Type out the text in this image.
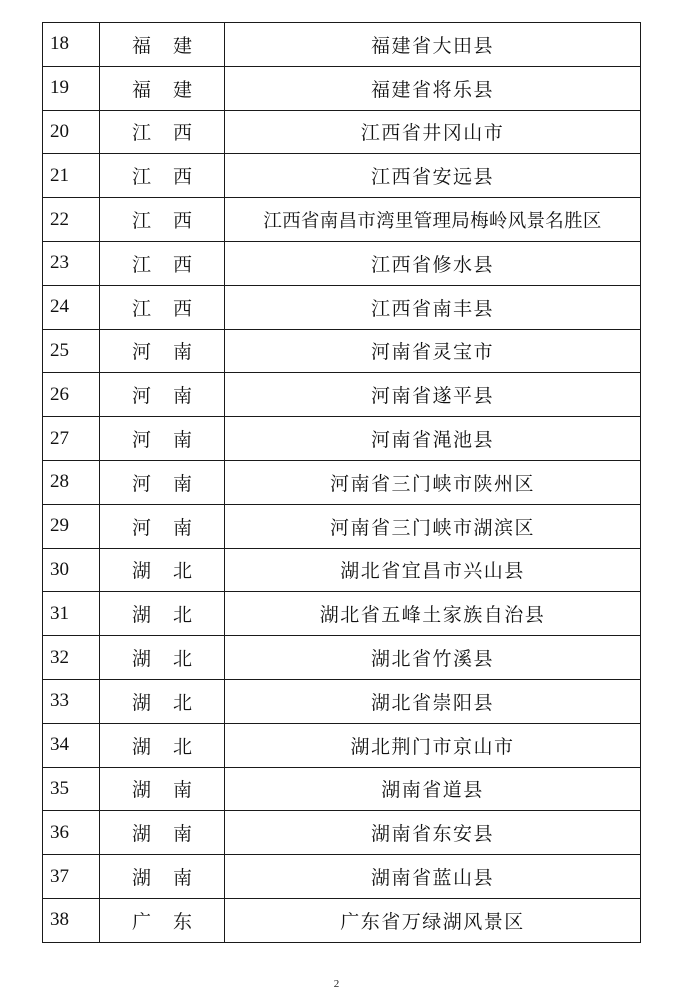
18	福建	福建省大田县
19	福建	福建省将乐县
20	江西	江西省井冈山市
21	江西	江西省安远县
22	江西	江西省南昌市湾里管理局梅岭风景名胜区
23	江西	江西省修水县
24	江西	江西省南丰县
25	河南	河南省灵宝市
26	河南	河南省遂平县
27	河南	河南省渑池县
28	河南	河南省三门峡市陕州区
29	河南	河南省三门峡市湖滨区
30	湖北	湖北省宜昌市兴山县
31	湖北	湖北省五峰土家族自治县
32	湖北	湖北省竹溪县
33	湖北	湖北省崇阳县
34	湖北	湖北荆门市京山市
35	湖南	湖南省道县
36	湖南	湖南省东安县
37	湖南	湖南省蓝山县
38	广东	广东省万绿湖风景区
2
